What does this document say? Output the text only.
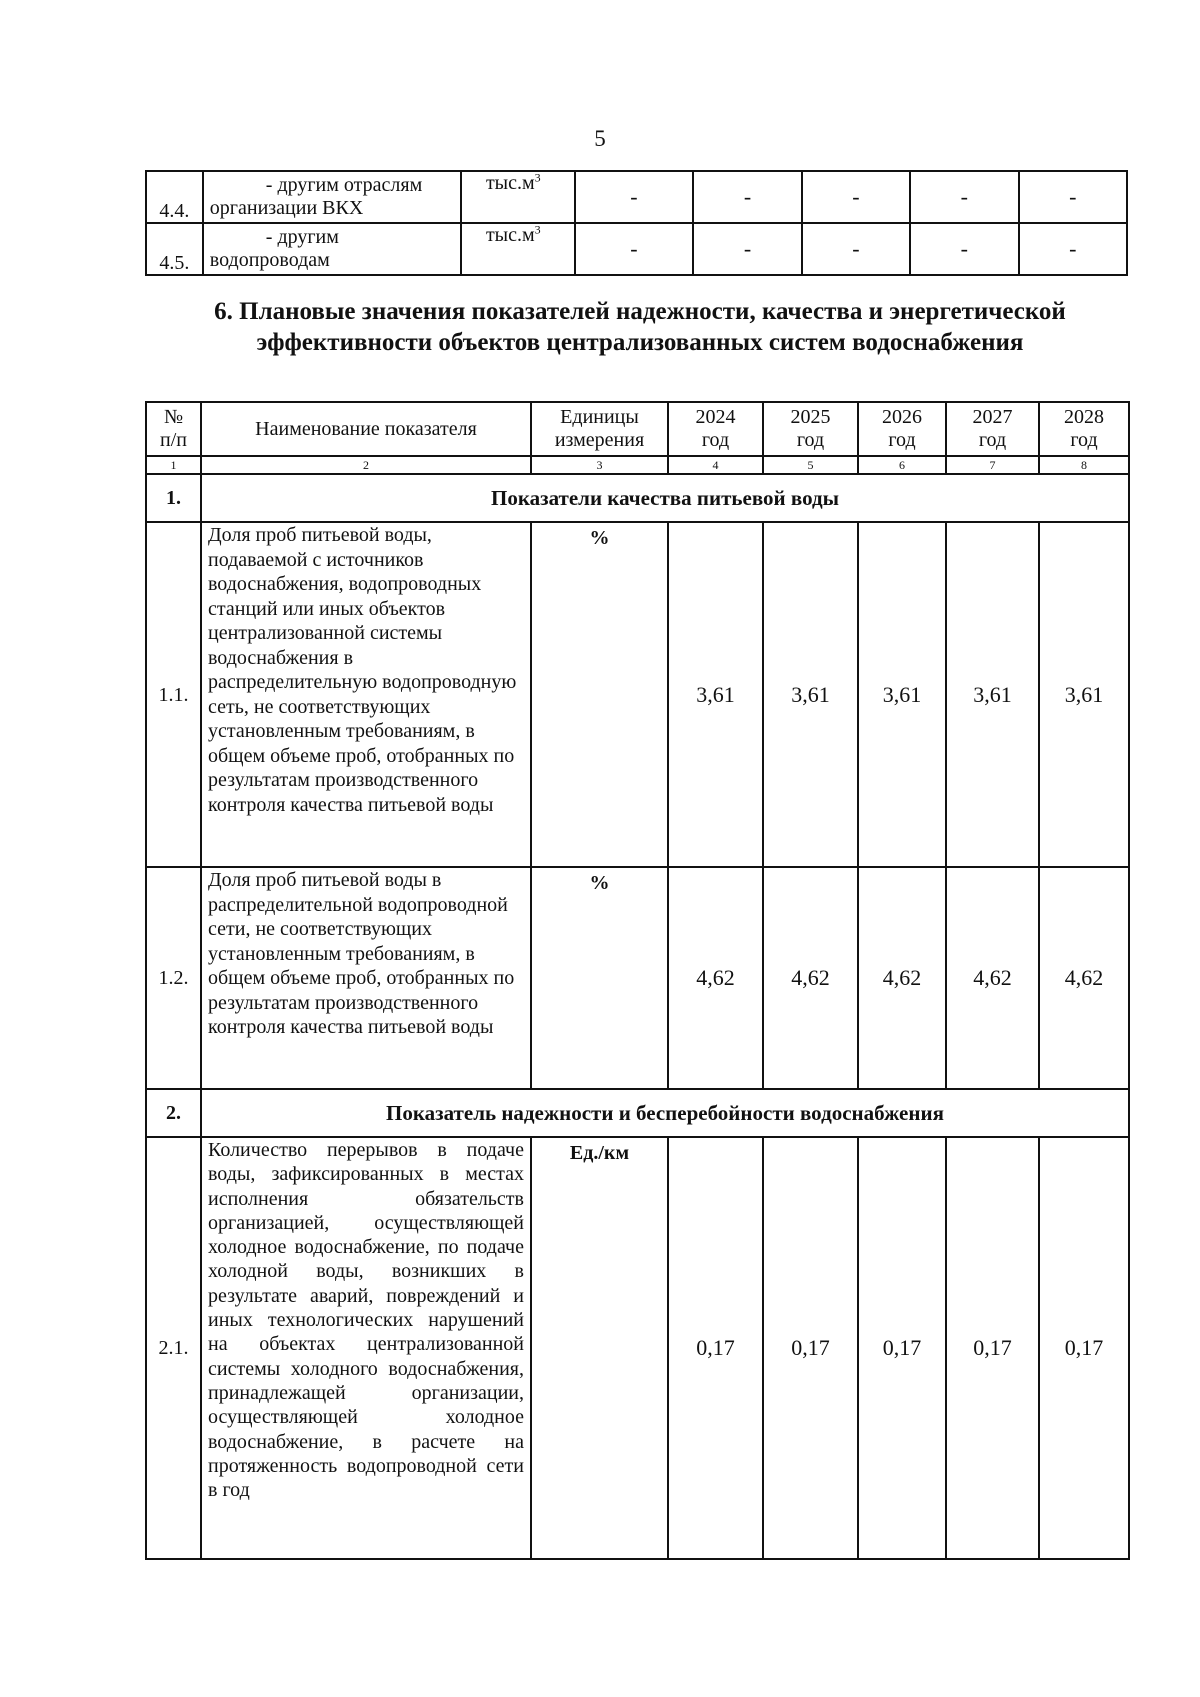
5
4.4.	- другим отраслям организации ВКХ	$тыс.м^3$	-	-	-	-	-
4.5.	- другим водопроводам	$тыс.м^3$	-	-	-	-	-
6. Плановые значения показателей надежности, качества и энергетической эффективности объектов централизованных систем водоснабжения
№ п/п	Наименование показателя	Единицы измерения	2024 год	2025 год	2026 год	2027 год	2028 год
1	2	3	4	5	6	7	8
1.	Показатели качества питьевой воды						
1.1.	Доля проб питьевой воды, подаваемой с источников водоснабжения, водопроводных станций или иных объектов централизованной системы водоснабжения в распределительную водопроводную сеть, не соответствующих установленным требованиям, в общем объеме проб, отобранных по результатам производственного контроля качества питьевой воды	%	3,61	3,61	3,61	3,61	3,61
1.2.	Доля проб питьевой воды в распределительной водопроводной сети, не соответствующих установленным требованиям, в общем объеме проб, отобранных по результатам производственного контроля качества питьевой воды	%	4,62	4,62	4,62	4,62	4,62
2.	Показатель надежности и бесперебойности водоснабжения						
2.1.	Количество перерывов в подаче воды, зафиксированных в местах исполнения обязательств организацией, осуществляющей холодное водоснабжение, по подаче холодной воды, возникших в результате аварий, повреждений и иных технологических нарушений на объектах централизованной системы холодного водоснабжения, принадлежащей организации, осуществляющей холодное водоснабжение, в расчете на протяженность водопроводной сети в год	Ед./км	0,17	0,17	0,17	0,17	0,17
